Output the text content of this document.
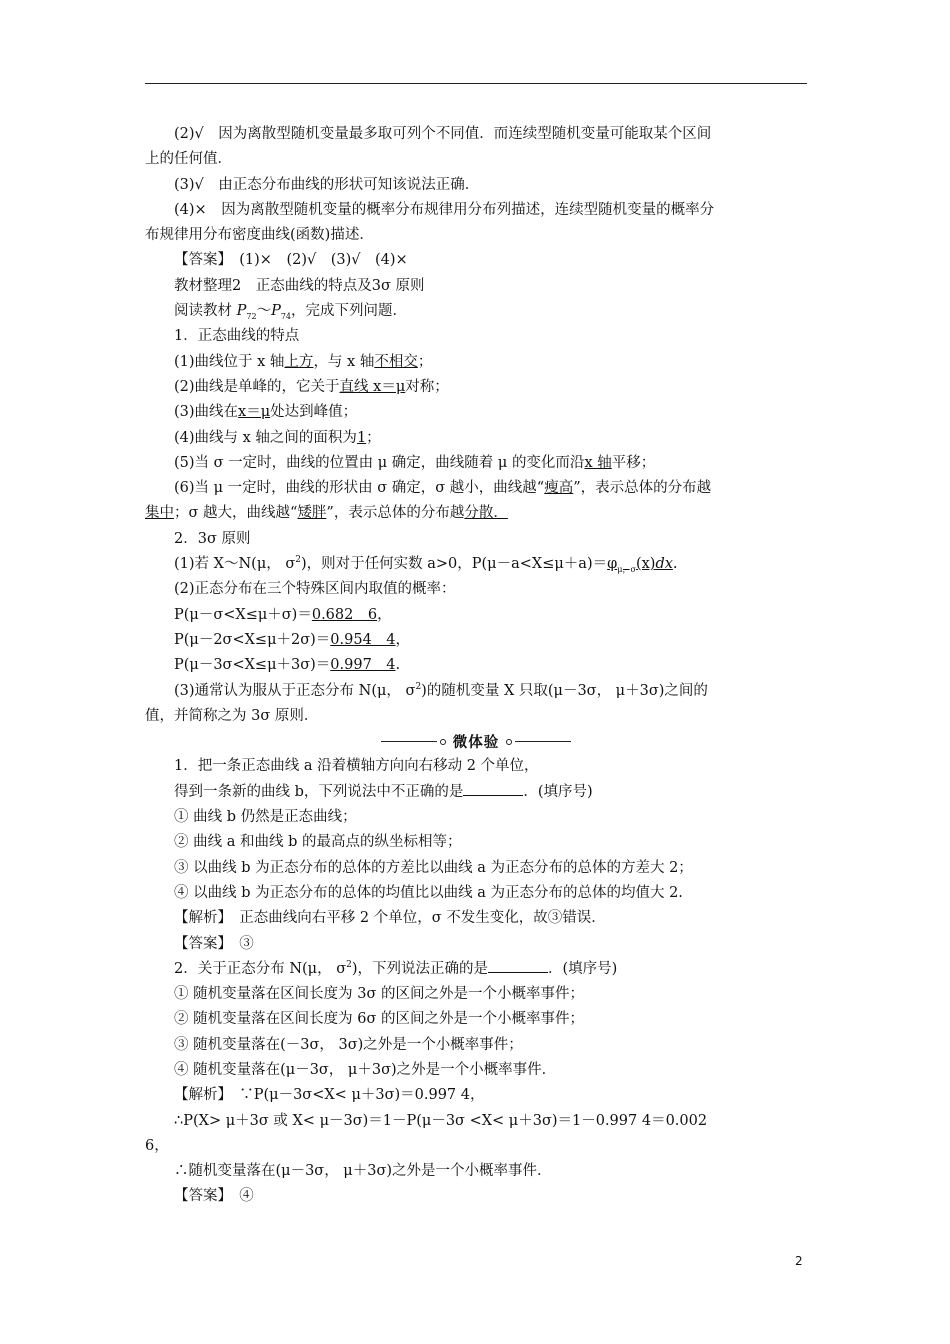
(2)√　因为离散型随机变量最多取可列个不同值．而连续型随机变量可能取某个区间
上的任何值．
(3)√　由正态分布曲线的形状可知该说法正确．
(4)×　因为离散型随机变量的概率分布规律用分布列描述，连续型随机变量的概率分
布规律用分布密度曲线(函数)描述．
【答案】　(1)×　(2)√　(3)√　(4)×
教材整理2　正态曲线的特点及3σ 原则
阅读教材 $P_{72}\sim P_{74}$，完成下列问题．
1．正态曲线的特点
(1)曲线位于 x 轴上方，与 x 轴不相交；
(2)曲线是单峰的，它关于直线 x＝μ对称；
(3)曲线在x＝μ处达到峰值；
(4)曲线与 x 轴之间的面积为1；
(5)当 σ 一定时，曲线的位置由 μ 确定，曲线随着 μ 的变化而沿x 轴平移；
(6)当 μ 一定时，曲线的形状由 σ 确定，σ 越小，曲线越“瘦高”，表示总体的分布越
集中；σ 越大，曲线越“矮胖”，表示总体的分布越分散．
2．3σ 原则
(1)若 X～N(μ， $\sigma^2$)，则对于任何实数 a>0，$P(\mu-a<X\le\mu+a)=\varphi_{\mu,\sigma}(x)dx$.
(2)正态分布在三个特殊区间内取值的概率：
P(μ－σ<X≤μ＋σ)＝0.682　6，
P(μ－2σ<X≤μ＋2σ)＝0.954　4，
P(μ－3σ<X≤μ＋3σ)＝0.997　4.
(3)通常认为服从于正态分布 N(μ， $\sigma^2$)的随机变量 X 只取(μ－3σ， μ＋3σ)之间的
值，并简称之为 3σ 原则．
微体验
1．把一条正态曲线 a 沿着横轴方向向右移动 2 个单位，
得到一条新的曲线 b，下列说法中不正确的是	．(填序号)
① 曲线 b 仍然是正态曲线；
② 曲线 a 和曲线 b 的最高点的纵坐标相等；
③ 以曲线 b 为正态分布的总体的方差比以曲线 a 为正态分布的总体的方差大 2；
④ 以曲线 b 为正态分布的总体的均值比以曲线 a 为正态分布的总体的均值大 2.
【解析】　正态曲线向右平移 2 个单位，σ 不发生变化，故③错误．
【答案】　③
2．关于正态分布 N(μ， $\sigma^2$)，下列说法正确的是	．(填序号)
① 随机变量落在区间长度为 3σ 的区间之外是一个小概率事件；
② 随机变量落在区间长度为 6σ 的区间之外是一个小概率事件；
③ 随机变量落在(－3σ， 3σ)之外是一个小概率事件；
④ 随机变量落在(μ－3σ， μ＋3σ)之外是一个小概率事件．
【解析】　∵P(μ－3σ<X< μ＋3σ)＝0.997 4，
∴P(X> μ＋3σ 或 X< μ－3σ)＝1－P(μ－3σ <X< μ＋3σ)＝1－0.997 4＝0.002
6，
∴随机变量落在(μ－3σ， μ＋3σ)之外是一个小概率事件．
【答案】　④
2
